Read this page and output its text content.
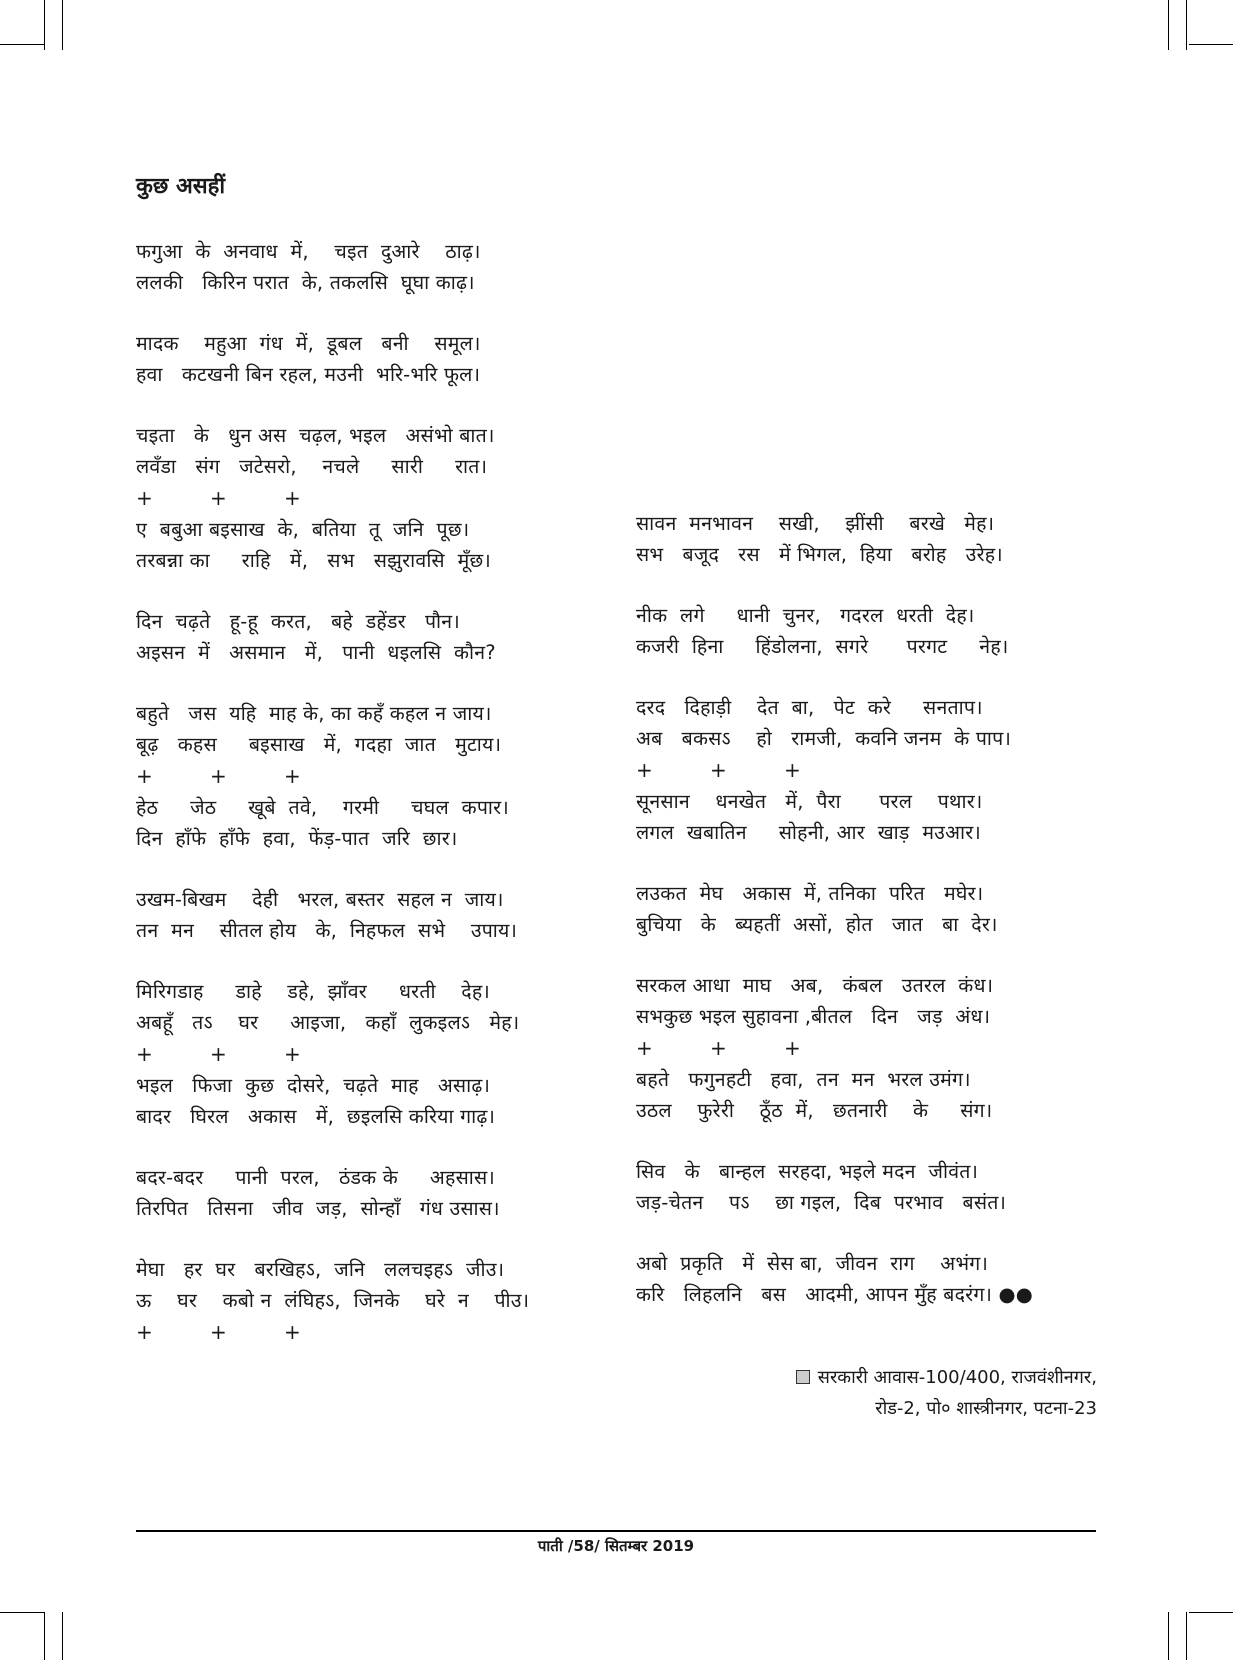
कुछ असहीं
फगुआ  के  अनवाध  में,    चइत  दुआरे    ठाढ़।
ललकी   किरिन परात  के, तकलसि  घूघा काढ़।
मादक    महुआ  गंध  में,  डूबल   बनी    समूल।
हवा   कटखनी बिन रहल, मउनी  भरि-भरि फूल।
चइता   के   धुन अस  चढ़ल, भइल   असंभो बात।
लवँडा   संग   जटेसरो,    नचले     सारी     रात।
+         +         +
ए  बबुआ बइसाख  के,  बतिया  तू  जनि  पूछ।
तरबन्ना का     राहि   में,   सभ   सझुरावसि  मूँछ।
दिन  चढ़ते   हू-हू  करत,   बहे  डहेंडर   पौन।
अइसन  में   असमान   में,   पानी  धइलसि  कौन?
बहुते   जस  यहि  माह के, का कहँ कहल न जाय।
बूढ़   कहस     बइसाख   में,  गदहा  जात   मुटाय।
+         +         +
हेठ     जेठ     खूबे  तवे,    गरमी     चघल  कपार।
दिन  हाँफे  हाँफे  हवा,  फेंड़-पात  जरि  छार।
उखम-बिखम    देही   भरल, बस्तर  सहल न  जाय।
तन  मन    सीतल होय   के,  निहफल  सभे    उपाय।
मिरिगडाह     डाहे    डहे,  झाँवर     धरती    देह।
अबहूँ   तऽ    घर     आइजा,   कहाँ  लुकइलऽ   मेह।
+         +         +
भइल   फिजा  कुछ  दोसरे,  चढ़ते  माह   असाढ़।
बादर   घिरल   अकास   में,  छइलसि करिया गाढ़।
बदर-बदर     पानी  परल,   ठंडक के     अहसास।
तिरपित   तिसना   जीव  जड़,  सोन्हाँ   गंध उसास।
मेघा   हर  घर   बरखिहऽ,  जनि   ललचइहऽ  जीउ।
ऊ    घर    कबो न  लंघिहऽ,  जिनके    घरे  न    पीउ।
+         +         +
सावन  मनभावन    सखी,    झींसी    बरखे   मेह।
सभ   बजूद   रस   में भिगल,  हिया   बरोह   उरेह।
नीक  लगे     धानी  चुनर,   गदरल  धरती  देह।
कजरी  हिना     हिंडोलना,  सगरे      परगट     नेह।
दरद   दिहाड़ी    देत  बा,   पेट  करे     सनताप।
अब   बकसऽ    हो   रामजी,  कवनि जनम  के पाप।
+         +         +
सूनसान    धनखेत   में,  पैरा      परल    पथार।
लगल  खबातिन     सोहनी, आर  खाड़  मउआर।
लउकत  मेघ   अकास  में, तनिका  परित   मघेर।
बुचिया   के   ब्यहतीं  असों,  होत   जात   बा  देर।
सरकल आधा  माघ   अब,   कंबल   उतरल  कंध।
सभकुछ भइल सुहावना ,बीतल   दिन   जड़  अंध।
+         +         +
बहते   फगुनहटी   हवा,  तन  मन  भरल उमंग।
उठल    फुरेरी    ठूँठ  में,   छतनारी    के     संग।
सिव   के   बान्हल  सरहदा, भइले मदन  जीवंत।
जड़-चेतन    पऽ    छा गइल,  दिब  परभाव   बसंत।
अबो  प्रकृति   में  सेस बा,  जीवन  राग    अभंग।
करि   लिहलनि   बस   आदमी, आपन मुँह बदरंग। ●●
सरकारी आवास-100/400, राजवंशीनगर,
रोड-2, पो० शास्त्रीनगर, पटना-23
पाती /58/ सितम्बर 2019
